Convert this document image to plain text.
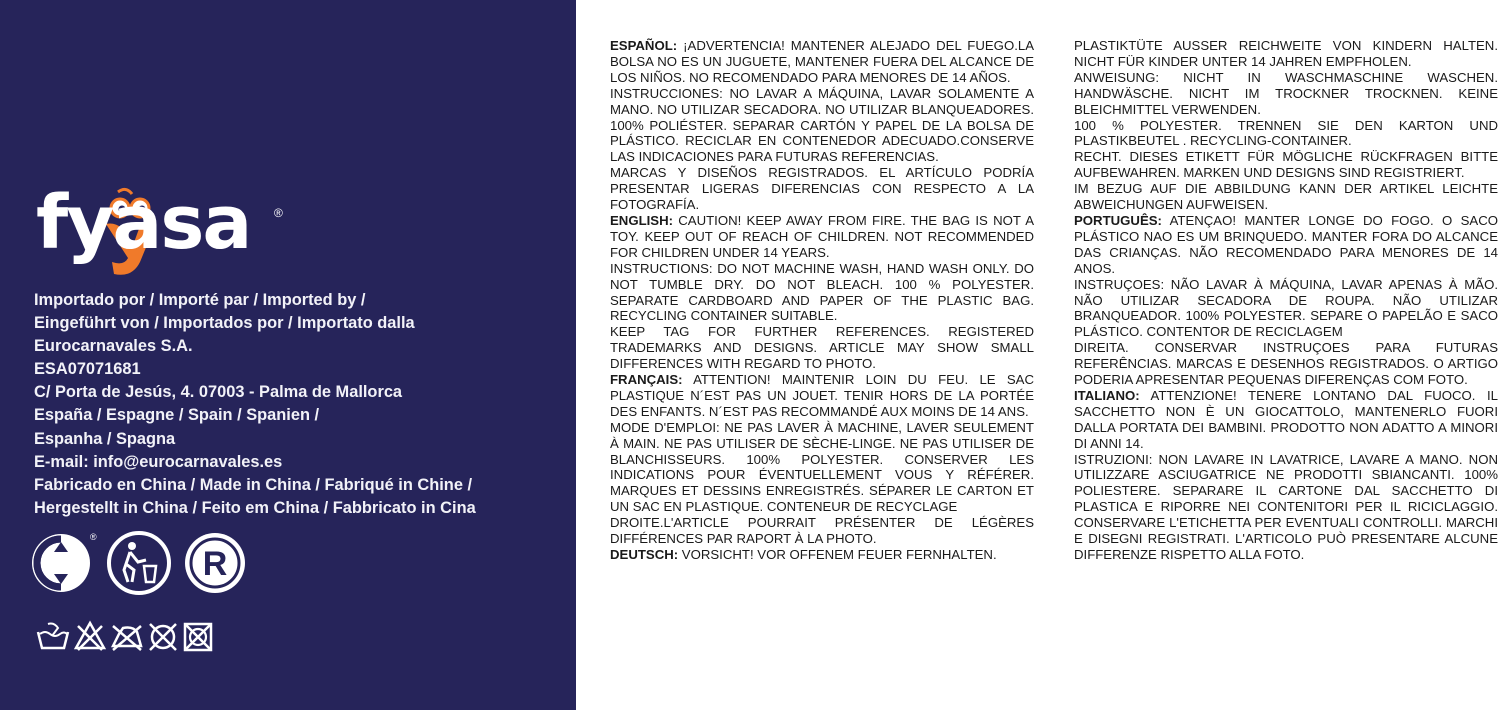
fyasa ®
Importado por / Importé par / Imported by /
Eingeführt von / Importados por / Importato dalla
Eurocarnavales S.A.
ESA07071681
C/ Porta de Jesús, 4. 07003 - Palma de Mallorca
España / Espagne / Spain / Spanien /
Espanha / Spagna
E-mail: info@eurocarnavales.es
Fabricado en China / Made in China / Fabriqué in Chine /
Hergestellt in China / Feito em China / Fabbricato in Cina
®
R

ESPAÑOL: ¡ADVERTENCIA! MANTENER ALEJADO DEL FUEGO.LA BOLSA NO ES UN JUGUETE, MANTENER FUERA DEL ALCANCE DE LOS NIÑOS. NO RECOMENDADO PARA MENORES DE 14 AÑOS.

INSTRUCCIONES: NO LAVAR A MÁQUINA, LAVAR SOLAMENTE A MANO. NO UTILIZAR SECADORA. NO UTILIZAR BLANQUEADORES. 100% POLIÉSTER. SEPARAR CARTÓN Y PAPEL DE LA BOLSA DE PLÁSTICO. RECICLAR EN CONTENEDOR ADECUADO.CONSERVE LAS INDICACIONES PARA FUTURAS REFERENCIAS.

MARCAS Y DISEÑOS REGISTRADOS. EL ARTÍCULO PODRÍA PRESENTAR LIGERAS DIFERENCIAS CON RESPECTO A LA FOTOGRAFÍA.

ENGLISH: CAUTION! KEEP AWAY FROM FIRE. THE BAG IS NOT A TOY. KEEP OUT OF REACH OF CHILDREN. NOT RECOMMENDED FOR CHILDREN UNDER 14 YEARS.

INSTRUCTIONS: DO NOT MACHINE WASH, HAND WASH ONLY. DO NOT TUMBLE DRY. DO NOT BLEACH. 100 % POLYESTER. SEPARATE CARDBOARD AND PAPER OF THE PLASTIC BAG. RECYCLING CONTAINER SUITABLE.

KEEP TAG FOR FURTHER REFERENCES. REGISTERED TRADEMARKS AND DESIGNS. ARTICLE MAY SHOW SMALL DIFFERENCES WITH REGARD TO PHOTO.

FRANÇAIS: ATTENTION! MAINTENIR LOIN DU FEU. LE SAC PLASTIQUE N´EST PAS UN JOUET. TENIR HORS DE LA PORTÉE DES ENFANTS. N´EST PAS RECOMMANDÉ AUX MOINS DE 14 ANS.

MODE D'EMPLOI: NE PAS LAVER À MACHINE, LAVER SEULEMENT À MAIN. NE PAS UTILISER DE SÈCHE-LINGE. NE PAS UTILISER DE BLANCHISSEURS. 100% POLYESTER. CONSERVER LES INDICATIONS POUR ÉVENTUELLEMENT VOUS Y RÉFÉRER. MARQUES ET DESSINS ENREGISTRÉS. SÉPARER LE CARTON ET UN SAC EN PLASTIQUE. CONTENEUR DE RECYCLAGE

DROITE.L'ARTICLE POURRAIT PRÉSENTER DE LÉGÈRES DIFFÉRENCES PAR RAPORT À LA PHOTO.

DEUTSCH: VORSICHT! VOR OFFENEM FEUER FERNHALTEN.

PLASTIKTÜTE AUSSER REICHWEITE VON KINDERN HALTEN. NICHT FÜR KINDER UNTER 14 JAHREN EMPFHOLEN.

ANWEISUNG: NICHT IN WASCHMASCHINE WASCHEN. HANDWÄSCHE. NICHT IM TROCKNER TROCKNEN. KEINE BLEICHMITTEL VERWENDEN.

100 % POLYESTER. TRENNEN SIE DEN KARTON UND PLASTIKBEUTEL . RECYCLING-CONTAINER.

RECHT. DIESES ETIKETT FÜR MÖGLICHE RÜCKFRAGEN BITTE AUFBEWAHREN. MARKEN UND DESIGNS SIND REGISTRIERT.

IM BEZUG AUF DIE ABBILDUNG KANN DER ARTIKEL LEICHTE ABWEICHUNGEN AUFWEISEN.

PORTUGUÊS: ATENÇAO! MANTER LONGE DO FOGO. O SACO PLÁSTICO NAO ES UM BRINQUEDO. MANTER FORA DO ALCANCE DAS CRIANÇAS. NÃO RECOMENDADO PARA MENORES DE 14 ANOS.

INSTRUÇOES: NÃO LAVAR À MÁQUINA, LAVAR APENAS À MÃO. NÃO UTILIZAR SECADORA DE ROUPA. NÃO UTILIZAR BRANQUEADOR. 100% POLYESTER. SEPARE O PAPELÃO E SACO PLÁSTICO. CONTENTOR DE RECICLAGEM

DIREITA. CONSERVAR INSTRUÇOES PARA FUTURAS REFERÊNCIAS. MARCAS E DESENHOS REGISTRADOS. O ARTIGO PODERIA APRESENTAR PEQUENAS DIFERENÇAS COM FOTO.

ITALIANO: ATTENZIONE! TENERE LONTANO DAL FUOCO. IL SACCHETTO NON È UN GIOCATTOLO, MANTENERLO FUORI DALLA PORTATA DEI BAMBINI. PRODOTTO NON ADATTO A MINORI DI ANNI 14.

ISTRUZIONI: NON LAVARE IN LAVATRICE, LAVARE A MANO. NON UTILIZZARE ASCIUGATRICE NE PRODOTTI SBIANCANTI. 100% POLIESTERE. SEPARARE IL CARTONE DAL SACCHETTO DI PLASTICA E RIPORRE NEI CONTENITORI PER IL RICICLAGGIO. CONSERVARE L'ETICHETTA PER EVENTUALI CONTROLLI. MARCHI E DISEGNI REGISTRATI. L'ARTICOLO PUÒ PRESENTARE ALCUNE DIFFERENZE RISPETTO ALLA FOTO.
